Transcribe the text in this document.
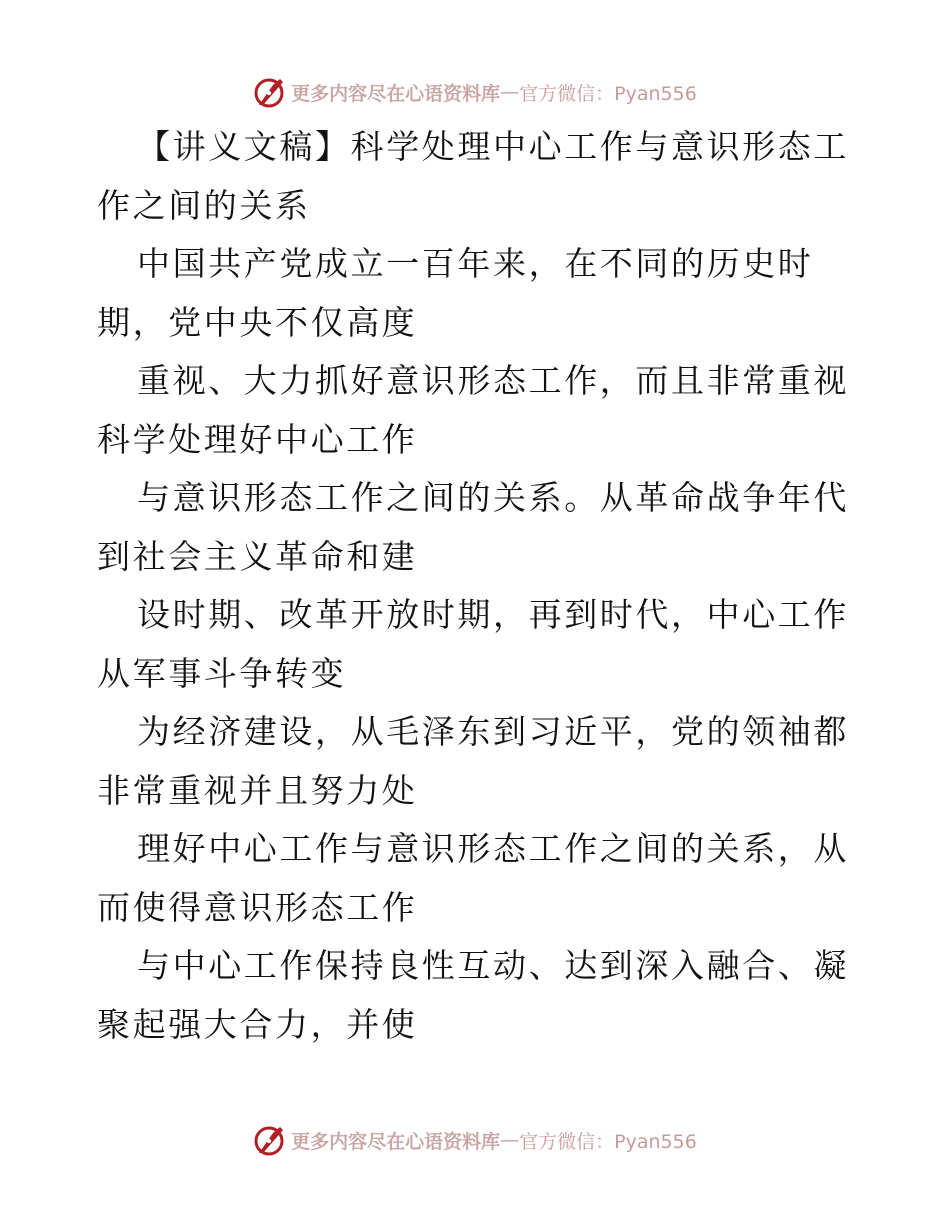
更多内容尽在心语资料库 — 官方微信：Pyan556

【讲义文稿】科学处理中心工作与意识形态工作之间的关系

中国共产党成立一百年来，在不同的历史时期，党中央不仅高度

重视、大力抓好意识形态工作，而且非常重视科学处理好中心工作

与意识形态工作之间的关系。从革命战争年代到社会主义革命和建

设时期、改革开放时期，再到时代，中心工作从军事斗争转变

为经济建设，从毛泽东到习近平，党的领袖都非常重视并且努力处

理好中心工作与意识形态工作之间的关系，从而使得意识形态工作

与中心工作保持良性互动、达到深入融合、凝聚起强大合力，并使

更多内容尽在心语资料库 — 官方微信：Pyan556
